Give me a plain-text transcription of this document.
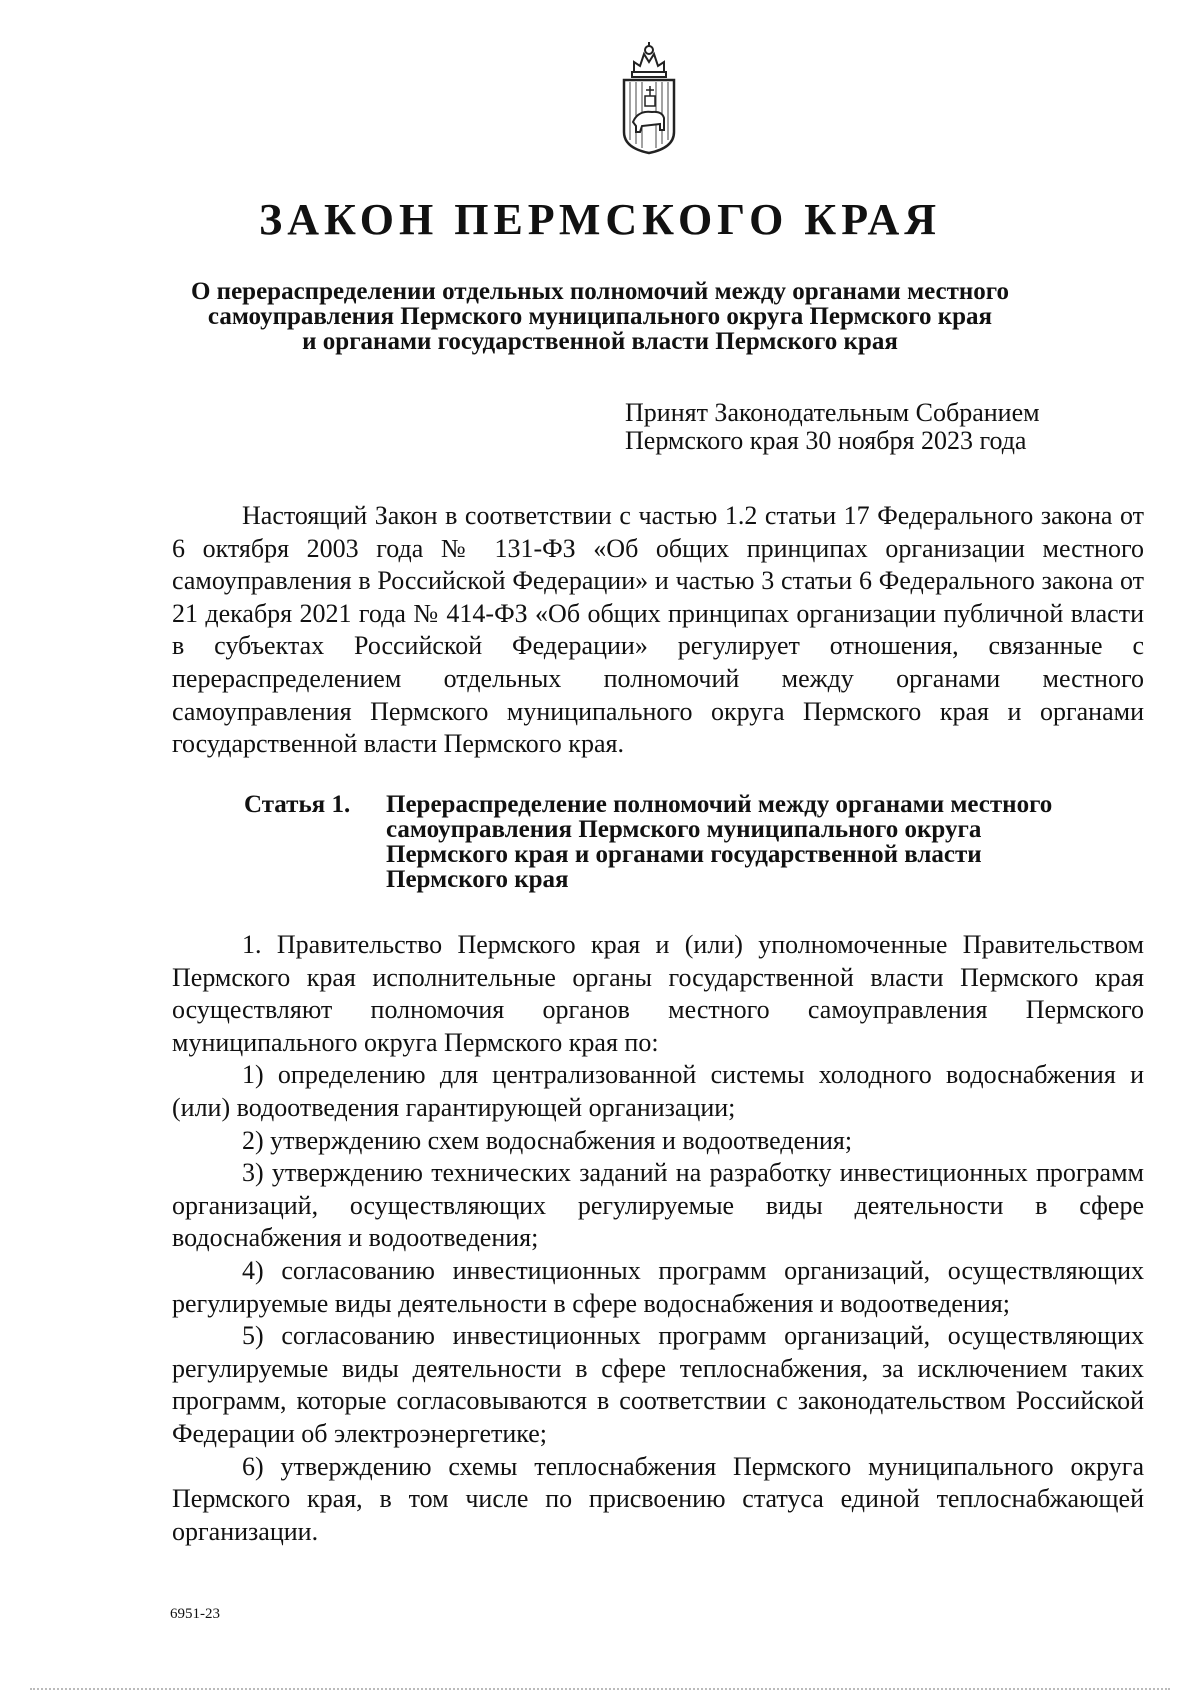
ЗАКОН ПЕРМСКОГО КРАЯ
О перераспределении отдельных полномочий между органами местного
самоуправления Пермского муниципального округа Пермского края
и органами государственной власти Пермского края
Принят Законодательным Собранием
Пермского края 30 ноября 2023 года

Настоящий Закон в соответствии с частью 1.2 статьи 17 Федерального закона от 6 октября 2003 года № 131-ФЗ «Об общих принципах организации местного самоуправления в Российской Федерации» и частью 3 статьи 6 Федерального закона от 21 декабря 2021 года № 414-ФЗ «Об общих принципах организации публичной власти в субъектах Российской Федерации» регулирует отношения, связанные с перераспределением отдельных полномочий между органами местного самоуправления Пермского муниципального округа Пермского края и органами государственной власти Пермского края.

Статья 1.	Перераспределение полномочий между органами местного
самоуправления Пермского муниципального округа
Пермского края и органами государственной власти
Пермского края

1. Правительство Пермского края и (или) уполномоченные Правительством Пермского края исполнительные органы государственной власти Пермского края осуществляют полномочия органов местного самоуправления Пермского муниципального округа Пермского края по:

1) определению для централизованной системы холодного водоснабжения и (или) водоотведения гарантирующей организации;

2) утверждению схем водоснабжения и водоотведения;

3) утверждению технических заданий на разработку инвестиционных программ организаций, осуществляющих регулируемые виды деятельности в сфере водоснабжения и водоотведения;

4) согласованию инвестиционных программ организаций, осуществляющих регулируемые виды деятельности в сфере водоснабжения и водоотведения;

5) согласованию инвестиционных программ организаций, осуществляющих регулируемые виды деятельности в сфере теплоснабжения, за исключением таких программ, которые согласовываются в соответствии с законодательством Российской Федерации об электроэнергетике;

6) утверждению схемы теплоснабжения Пермского муниципального округа Пермского края, в том числе по присвоению статуса единой теплоснабжающей организации.

6951-23
